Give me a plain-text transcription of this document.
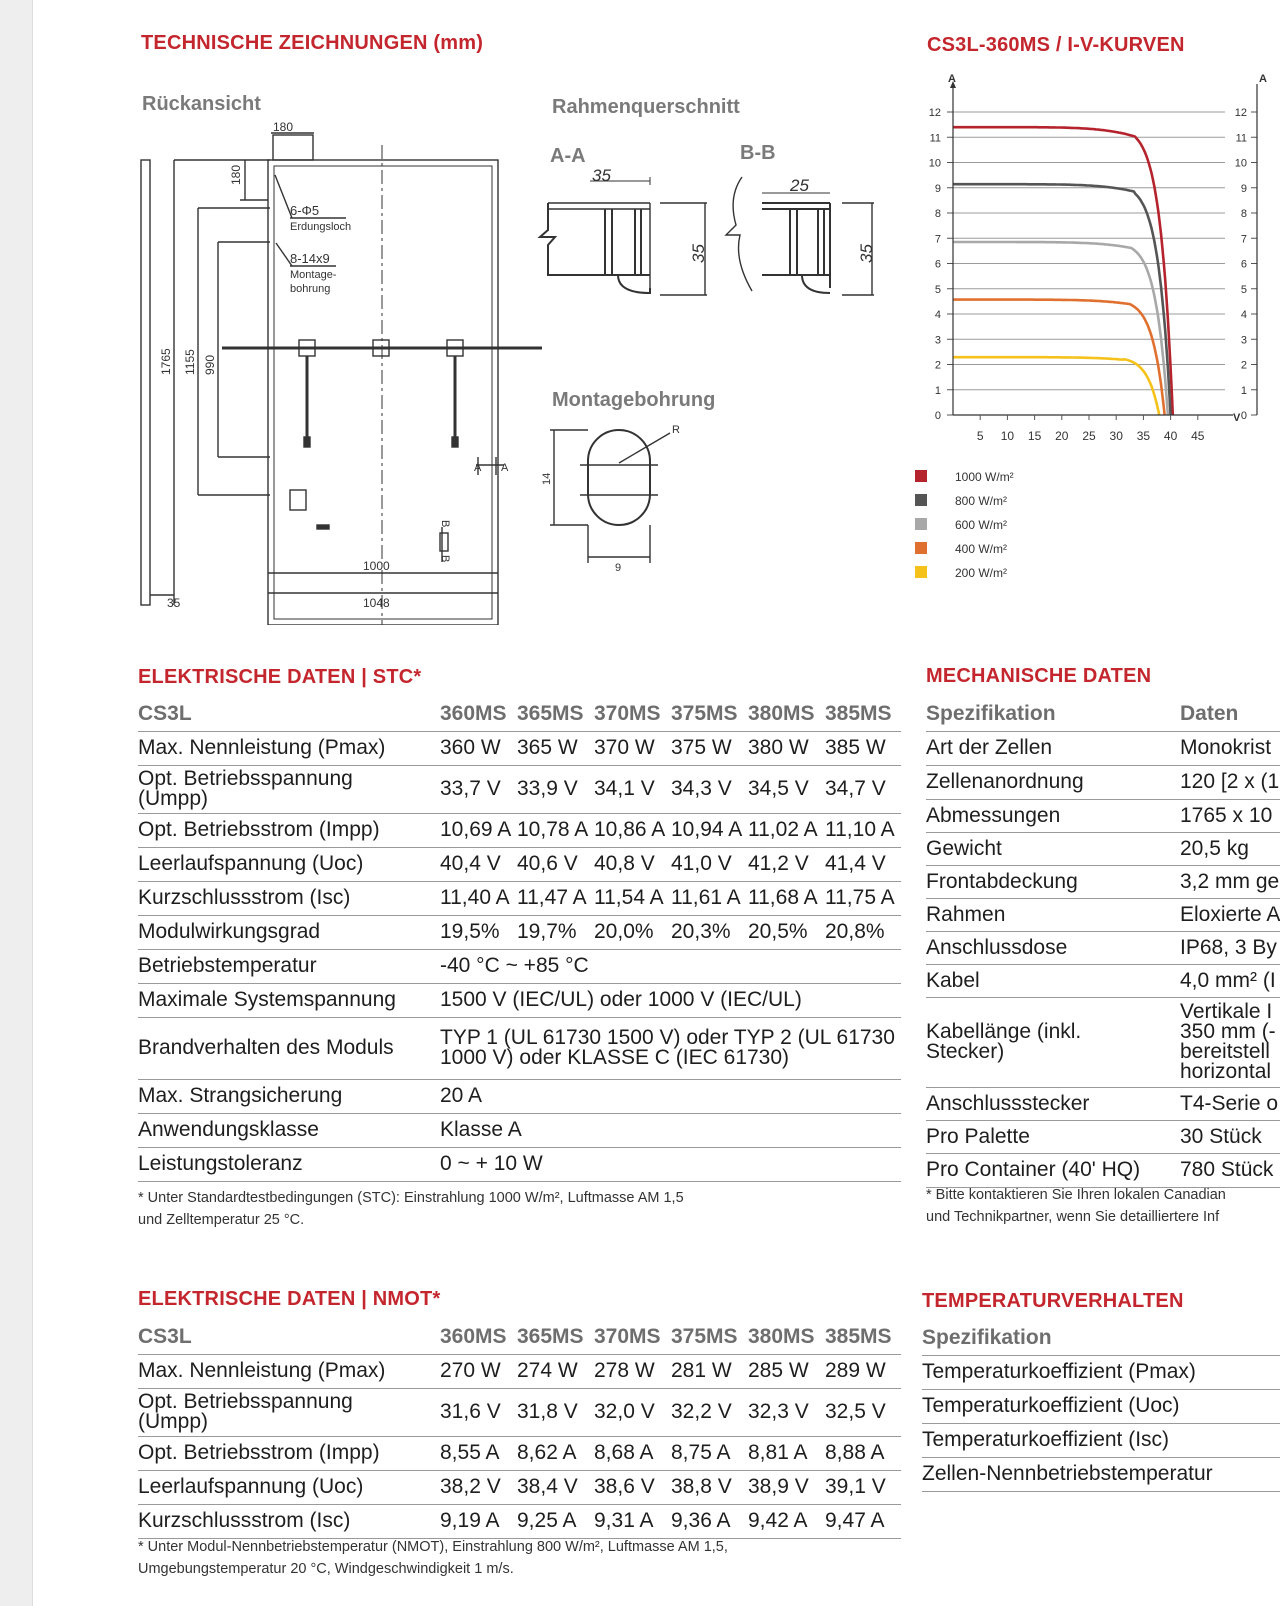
TECHNISCHE ZEICHNUNGEN (mm)
180
180
6-Φ5
Erdungsloch
8-14x9
Montage-
bohrung
1765 1155 990
1000
1048
35
A A
B
B
35
35
25
35
14
9
R
Rückansicht	Rahmenquerschnitt
A-A	B-B
Montagebohrung
CS3L-360MS / I-V-KURVEN
0	0
1	1
2	2
3	3
4	4
5	5
6	6
7	7
8	8
9	9
10	10
11	11
12	12
A	A
V
5 10 15 20 25 30 35 40 45
1000 W/m²
800 W/m²
600 W/m²
400 W/m²
200 W/m²
ELEKTRISCHE DATEN | STC*
CS3L	360MS	365MS	370MS	375MS	380MS	385MS
Max. Nennleistung (Pmax)	360 W	365 W	370 W	375 W	380 W	385 W
Opt. Betriebsspannung (Umpp)	33,7 V	33,9 V	34,1 V	34,3 V	34,5 V	34,7 V
Opt. Betriebsstrom (Impp)	10,69 A	10,78 A	10,86 A	10,94 A	11,02 A	11,10 A
Leerlaufspannung (Uoc)	40,4 V	40,6 V	40,8 V	41,0 V	41,2 V	41,4 V
Kurzschlussstrom (Isc)	11,40 A	11,47 A	11,54 A	11,61 A	11,68 A	11,75 A
Modulwirkungsgrad	19,5%	19,7%	20,0%	20,3%	20,5%	20,8%
Betriebstemperatur	-40 °C ~ +85 °C					
Maximale Systemspannung	1500 V (IEC/UL) oder 1000 V (IEC/UL)					
Brandverhalten des Moduls	TYP 1 (UL 61730 1500 V) oder TYP 2 (UL 61730 1000 V) oder KLASSE C (IEC 61730)					
Max. Strangsicherung	20 A					
Anwendungsklasse	Klasse A					
Leistungstoleranz	0 ~ + 10 W					
* Unter Standardtestbedingungen (STC): Einstrahlung 1000 W/m², Luftmasse AM 1,5
und Zelltemperatur 25 °C.
ELEKTRISCHE DATEN | NMOT*
CS3L	360MS	365MS	370MS	375MS	380MS	385MS
Max. Nennleistung (Pmax)	270 W	274 W	278 W	281 W	285 W	289 W
Opt. Betriebsspannung (Umpp)	31,6 V	31,8 V	32,0 V	32,2 V	32,3 V	32,5 V
Opt. Betriebsstrom (Impp)	8,55 A	8,62 A	8,68 A	8,75 A	8,81 A	8,88 A
Leerlaufspannung (Uoc)	38,2 V	38,4 V	38,6 V	38,8 V	38,9 V	39,1 V
Kurzschlussstrom (Isc)	9,19 A	9,25 A	9,31 A	9,36 A	9,42 A	9,47 A
* Unter Modul-Nennbetriebstemperatur (NMOT), Einstrahlung 800 W/m², Luftmasse AM 1,5,
Umgebungstemperatur 20 °C, Windgeschwindigkeit 1 m/s.
MECHANISCHE DATEN
Spezifikation	Daten
Art der Zellen	Monokrist
Zellenanordnung	120 [2 x (1
Abmessungen	1765 x 10
Gewicht	20,5 kg
Frontabdeckung	3,2 mm ge
Rahmen	Eloxierte A
Anschlussdose	IP68, 3 By
Kabel	4,0 mm² (I
Kabellänge (inkl. Stecker)	Vertikale I 350 mm (- bereitstell horizontal
Anschlussstecker	T4-Serie o
Pro Palette	30 Stück
Pro Container (40' HQ)	780 Stück
* Bitte kontaktieren Sie Ihren lokalen Canadian
und Technikpartner, wenn Sie detailliertere Inf
TEMPERATURVERHALTEN
Spezifikation
Temperaturkoeffizient (Pmax)
Temperaturkoeffizient (Uoc)
Temperaturkoeffizient (Isc)
Zellen-Nennbetriebstemperatur
